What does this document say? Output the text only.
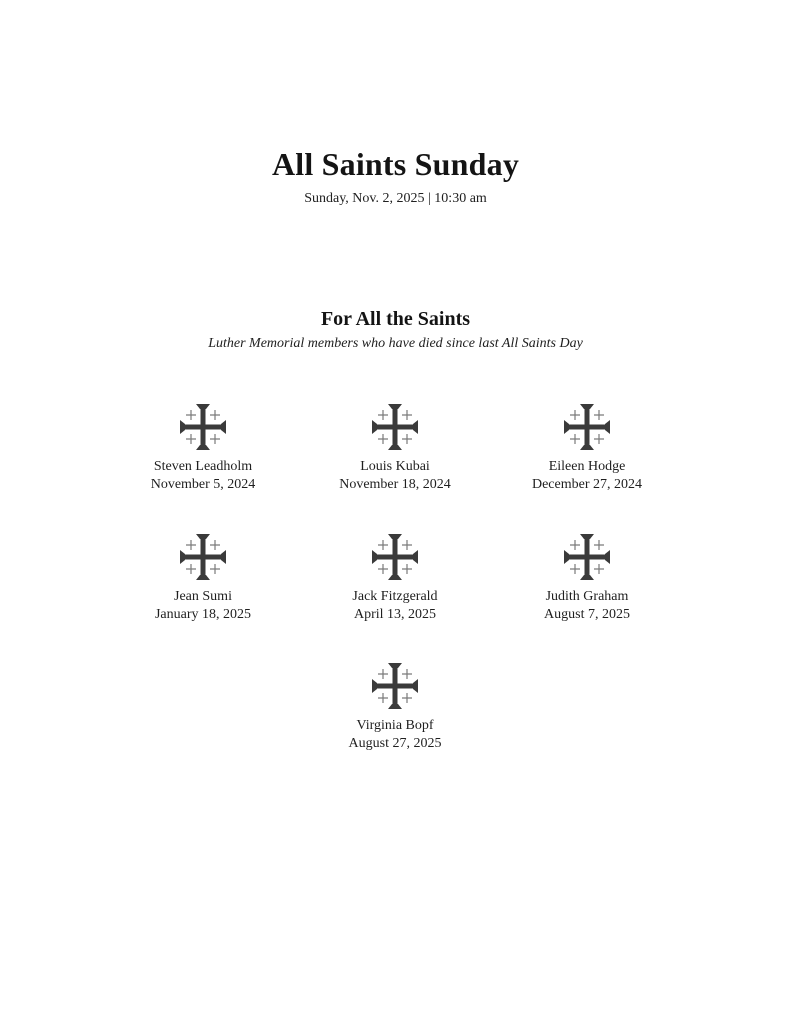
All Saints Sunday
Sunday, Nov. 2, 2025 | 10:30 am
For All the Saints
Luther Memorial members who have died since last All Saints Day
Steven Leadholm
November 5, 2024
Louis Kubai
November 18, 2024
Eileen Hodge
December 27, 2024
Jean Sumi
January 18, 2025
Jack Fitzgerald
April 13, 2025
Judith Graham
August 7, 2025
Virginia Bopf
August 27, 2025
